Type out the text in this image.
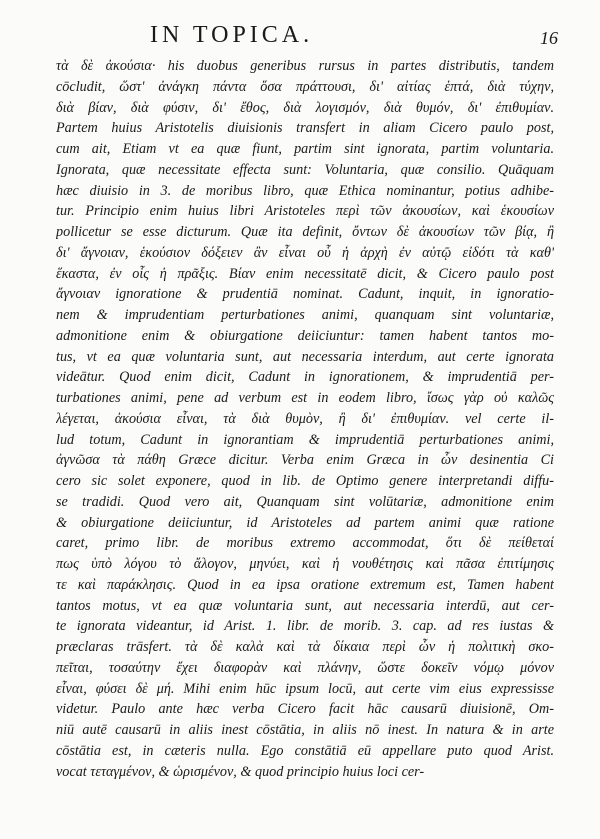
IN TOPICA.	16
τὰ δὲ ἀκούσια· his duobus generibus rursus in partes distributis, tandem
cōcludit, ὥστ' ἀνάγκη πάντα ὅσα πράττουσι, δι' αἰτίας ἑπτά, διὰ τύχην,
διὰ βίαν, διὰ φύσιν, δι' ἔθος, διὰ λογισμόν, διὰ θυμόν, δι' ἐπιθυμίαν.
Partem huius Aristotelis diuisionis transfert in aliam Cicero paulo post,
cum ait, Etiam vt ea quæ fiunt, partim sint ignorata, partim voluntaria.
Ignorata, quæ necessitate effecta sunt: Voluntaria, quæ consilio. Quāquam
hæc diuisio in 3. de moribus libro, quæ Ethica nominantur, potius adhibe-
tur. Principio enim huius libri Aristoteles περὶ τῶν ἀκουσίων, καὶ ἑκουσίων
pollicetur se esse dicturum. Quæ ita definit, ὄντων δὲ ἀκουσίων τῶν βίᾳ, ἢ
δι' ἄγνοιαν, ἑκούσιον δόξειεν ἂν εἶναι οὗ ἡ ἀρχὴ ἐν αὐτῷ εἰδότι τὰ καθ'
ἕκαστα, ἐν οἷς ἡ πρᾶξις. Βίαν enim necessitatē dicit, & Cicero paulo post
ἄγνοιαν ignoratione & prudentiā nominat. Cadunt, inquit, in ignoratio-
nem & imprudentiam perturbationes animi, quanquam sint voluntariæ,
admonitione enim & obiurgatione deiiciuntur: tamen habent tantos mo-
tus, vt ea quæ voluntaria sunt, aut necessaria interdum, aut certe ignorata
videātur. Quod enim dicit, Cadunt in ignorationem, & imprudentiā per-
turbationes animi, pene ad verbum est in eodem libro, ἴσως γὰρ οὐ καλῶς
λέγεται, ἀκούσια εἶναι, τὰ διὰ θυμὸν, ἢ δι' ἐπιθυμίαν. vel certe il-
lud totum, Cadunt in ignorantiam & imprudentiā perturbationes animi,
ἀγνῶσα τὰ πάθη Græce dicitur. Verba enim Græca in ὧν desinentia Ci
cero sic solet exponere, quod in lib. de Optimo genere interpretandi diffu-
se tradidi. Quod vero ait, Quanquam sint volūtariæ, admonitione enim
& obiurgatione deiiciuntur, id Aristoteles ad partem animi quæ ratione
caret, primo libr. de moribus extremo accommodat, ὅτι δὲ πείθεταί
πως ὑπὸ λόγου τὸ ἄλογον, μηνύει, καὶ ἡ νουθέτησις καὶ πᾶσα ἐπιτίμησις
τε καὶ παράκλησις. Quod in ea ipsa oratione extremum est, Tamen habent
tantos motus, vt ea quæ voluntaria sunt, aut necessaria interdū, aut cer-
te ignorata videantur, id Arist. 1. libr. de morib. 3. cap. ad res iustas &
præclaras trāsfert. τὰ δὲ καλὰ καὶ τὰ δίκαια περὶ ὧν ἡ πολιτικὴ σκο-
πεῖται, τοσαύτην ἔχει διαφορὰν καὶ πλάνην, ὥστε δοκεῖν νόμῳ μόνον
εἶναι, φύσει δὲ μή. Mihi enim hūc ipsum locū, aut certe vim eius expressisse
videtur. Paulo ante hæc verba Cicero facit hāc causarū diuisionē, Om-
niū autē causarū in aliis inest cōstātia, in aliis nō inest. In natura & in arte
cōstātia est, in cæteris nulla. Ego constātiā eū appellare puto quod Arist.
vocat τεταγμένον, & ὡρισμένον, & quod principio huius loci cer-
